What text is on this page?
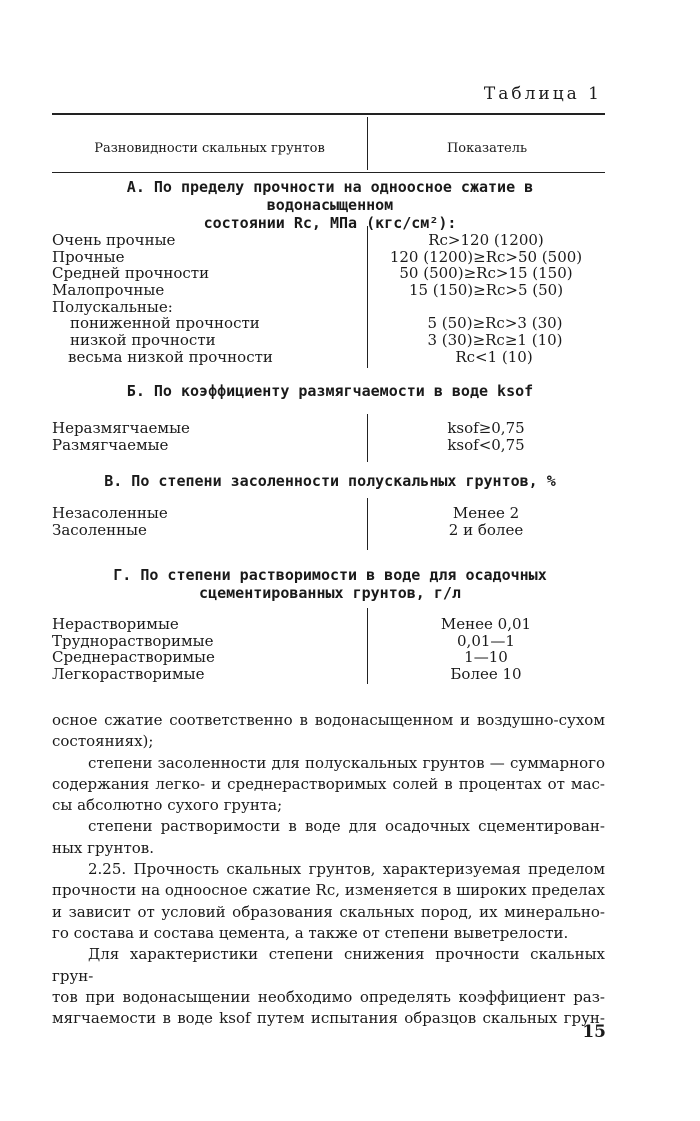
Таблица 1
Разновидности скальных грунтов	Показатель
А. По пределу прочности на одноосное сжатие в водонасыщенном
состоянии Rc, МПа (кгс/см²):
Очень прочные	Rc>120 (1200)
Прочные	120 (1200)≥Rc>50 (500)
Средней прочности	50 (500)≥Rc>15 (150)
Малопрочные	15 (150)≥Rc>5 (50)
Полускальные:
пониженной прочности	5 (50)≥Rc>3 (30)
низкой прочности	3 (30)≥Rc≥1 (10)
весьма низкой прочности	Rc<1 (10)
Б. По коэффициенту размягчаемости в воде ksof
Неразмягчаемые	ksof≥0,75
Размягчаемые	ksof<0,75
В. По степени засоленности полускальных грунтов, %
Незасоленные	Менее 2
Засоленные	2 и более
Г. По степени растворимости в воде для осадочных
сцементированных грунтов, г/л
Нерастворимые	Менее 0,01
Труднорастворимые	0,01—1
Среднерастворимые	1—10
Легкорастворимые	Более 10

осное сжатие соответственно в водонасыщенном и воздушно-сухом
состояниях);

степени засоленности для полускальных грунтов — суммарного
содержания легко- и среднерастворимых солей в процентах от мас-
сы абсолютно сухого грунта;

степени растворимости в воде для осадочных сцементирован-
ных грунтов.

2.25. Прочность скальных грунтов, характеризуемая пределом
прочности на одноосное сжатие Rc, изменяется в широких пределах
и зависит от условий образования скальных пород, их минерально-
го состава и состава цемента, а также от степени выветрелости.

Для характеристики степени снижения прочности скальных грун-
тов при водонасыщении необходимо определять коэффициент раз-
мягчаемости в воде ksof путем испытания образцов скальных грун-

15
